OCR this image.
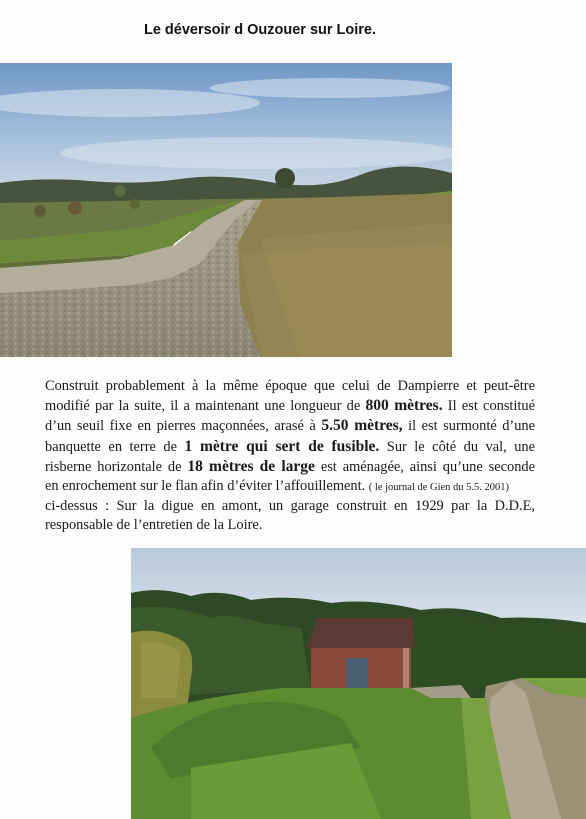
Le déversoir d Ouzouer sur Loire.
Construit probablement à la même époque que celui de Dampierre et peut-être
modifié par la suite, il a maintenant une longueur de 800 mètres. Il est constitué
d’un seuil fixe en pierres maçonnées, arasé à 5.50 mètres, il est surmonté d’une
banquette en terre de 1 mètre qui sert de fusible. Sur le côté du val, une
risberne horizontale de 18 mètres de large est aménagée, ainsi qu’une seconde
en enrochement sur le flan afin d’éviter l’affouillement. ( le journal de Gien du 5.5. 2001)
ci-dessus : Sur la digue en amont, un garage construit en 1929 par la D.D.E,
responsable de l’entretien de la Loire.
